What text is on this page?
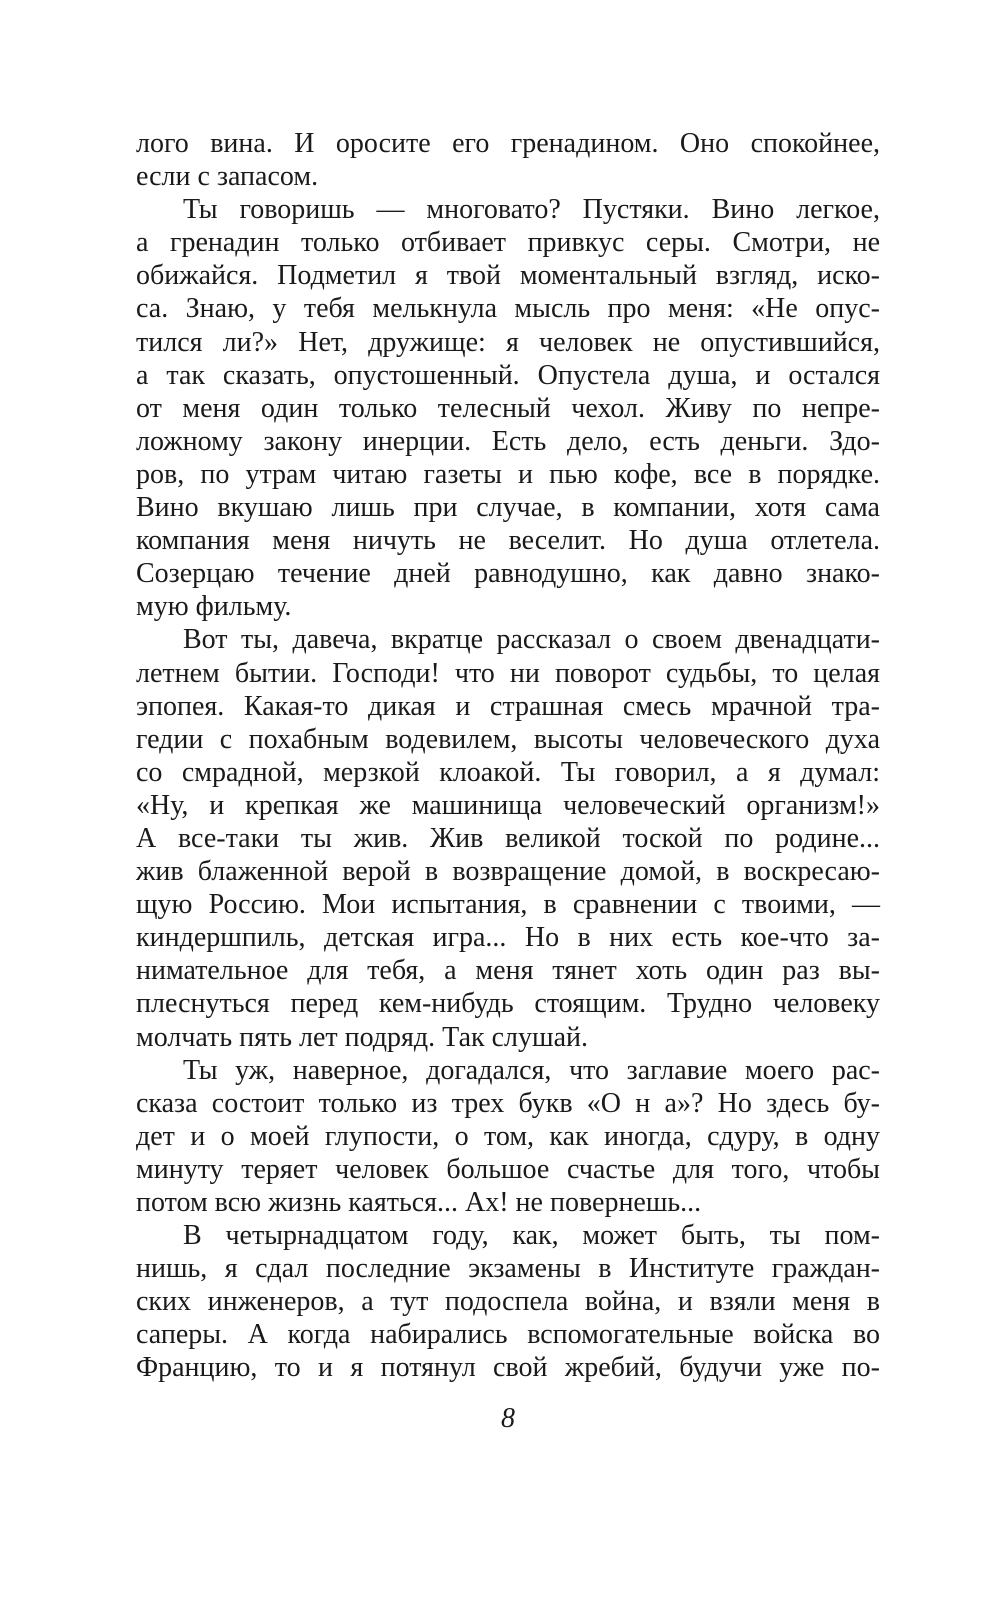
лого вина. И оросите его гренадином. Оно спокойнее,
если с запасом.
Ты говоришь — многовато? Пустяки. Вино легкое,
а гренадин только отбивает привкус серы. Смотри, не
обижайся. Подметил я твой моментальный взгляд, иско-
са. Знаю, у тебя мелькнула мысль про меня: «Не опус-
тился ли?» Нет, дружище: я человек не опустившийся,
а так сказать, опустошенный. Опустела душа, и остался
от меня один только телесный чехол. Живу по непре-
ложному закону инерции. Есть дело, есть деньги. Здо-
ров, по утрам читаю газеты и пью кофе, все в порядке.
Вино вкушаю лишь при случае, в компании, хотя сама
компания меня ничуть не веселит. Но душа отлетела.
Созерцаю течение дней равнодушно, как давно знако-
мую фильму.
Вот ты, давеча, вкратце рассказал о своем двенадцати-
летнем бытии. Господи! что ни поворот судьбы, то целая
эпопея. Какая-то дикая и страшная смесь мрачной тра-
гедии с похабным водевилем, высоты человеческого духа
со смрадной, мерзкой клоакой. Ты говорил, а я думал:
«Ну, и крепкая же машинища человеческий организм!»
А все-таки ты жив. Жив великой тоской по родине...
жив блаженной верой в возвращение домой, в воскресаю-
щую Россию. Мои испытания, в сравнении с твоими, —
киндершпиль, детская игра... Но в них есть кое-что за-
нимательное для тебя, а меня тянет хоть один раз вы-
плеснуться перед кем-нибудь стоящим. Трудно человеку
молчать пять лет подряд. Так слушай.
Ты уж, наверное, догадался, что заглавие моего рас-
сказа состоит только из трех букв «О н а»? Но здесь бу-
дет и о моей глупости, о том, как иногда, сдуру, в одну
минуту теряет человек большое счастье для того, чтобы
потом всю жизнь каяться... Ах! не повернешь...
В четырнадцатом году, как, может быть, ты пом-
нишь, я сдал последние экзамены в Институте граждан-
ских инженеров, а тут подоспела война, и взяли меня в
саперы. А когда набирались вспомогательные войска во
Францию, то и я потянул свой жребий, будучи уже по-
8
